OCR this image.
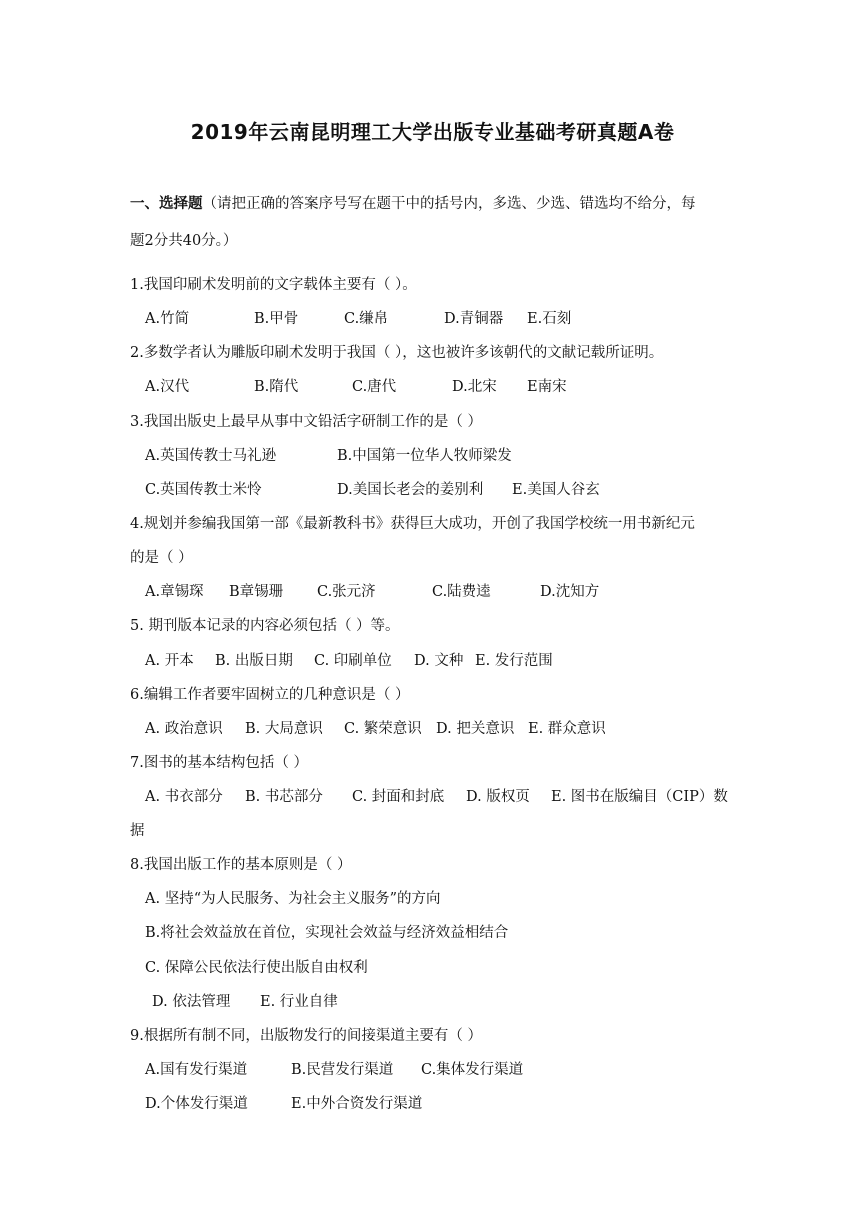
2019年云南昆明理工大学出版专业基础考研真题A卷
一、选择题（请把正确的答案序号写在题干中的括号内，多选、少选、错选均不给分，每
题2分共40分。）
1.我国印刷术发明前的文字载体主要有（ ）。
A.竹简	B.甲骨	C.缣帛	D.青铜器 E.石刻
2.多数学者认为雕版印刷术发明于我国（ ），这也被许多该朝代的文献记载所证明。
A.汉代	B.隋代	C.唐代	D.北宋 E南宋
3.我国出版史上最早从事中文铅活字研制工作的是（ ）
A.英国传教士马礼逊	B.中国第一位华人牧师梁发
C.英国传教士米怜	D.美国长老会的姜别利 E.美国人谷玄
4.规划并参编我国第一部《最新教科书》获得巨大成功，开创了我国学校统一用书新纪元
的是（ ）
A.章锡琛 B章锡珊 C.张元济	C.陆费逵	D.沈知方
5. 期刊版本记录的内容必须包括（ ）等。
A. 开本 B. 出版日期 C. 印刷单位 D. 文种 E. 发行范围
6.编辑工作者要牢固树立的几种意识是（ ）
A. 政治意识 B. 大局意识 C. 繁荣意识 D. 把关意识 E. 群众意识
7.图书的基本结构包括（ ）
A. 书衣部分 B. 书芯部分 C. 封面和封底 D. 版权页 E. 图书在版编目（CIP）数
据
8.我国出版工作的基本原则是（ ）
A. 坚持“为人民服务、为社会主义服务”的方向
B.将社会效益放在首位，实现社会效益与经济效益相结合
C. 保障公民依法行使出版自由权利
D. 依法管理 E. 行业自律
9.根据所有制不同，出版物发行的间接渠道主要有（ ）
A.国有发行渠道	B.民营发行渠道 C.集体发行渠道
D.个体发行渠道	E.中外合资发行渠道
